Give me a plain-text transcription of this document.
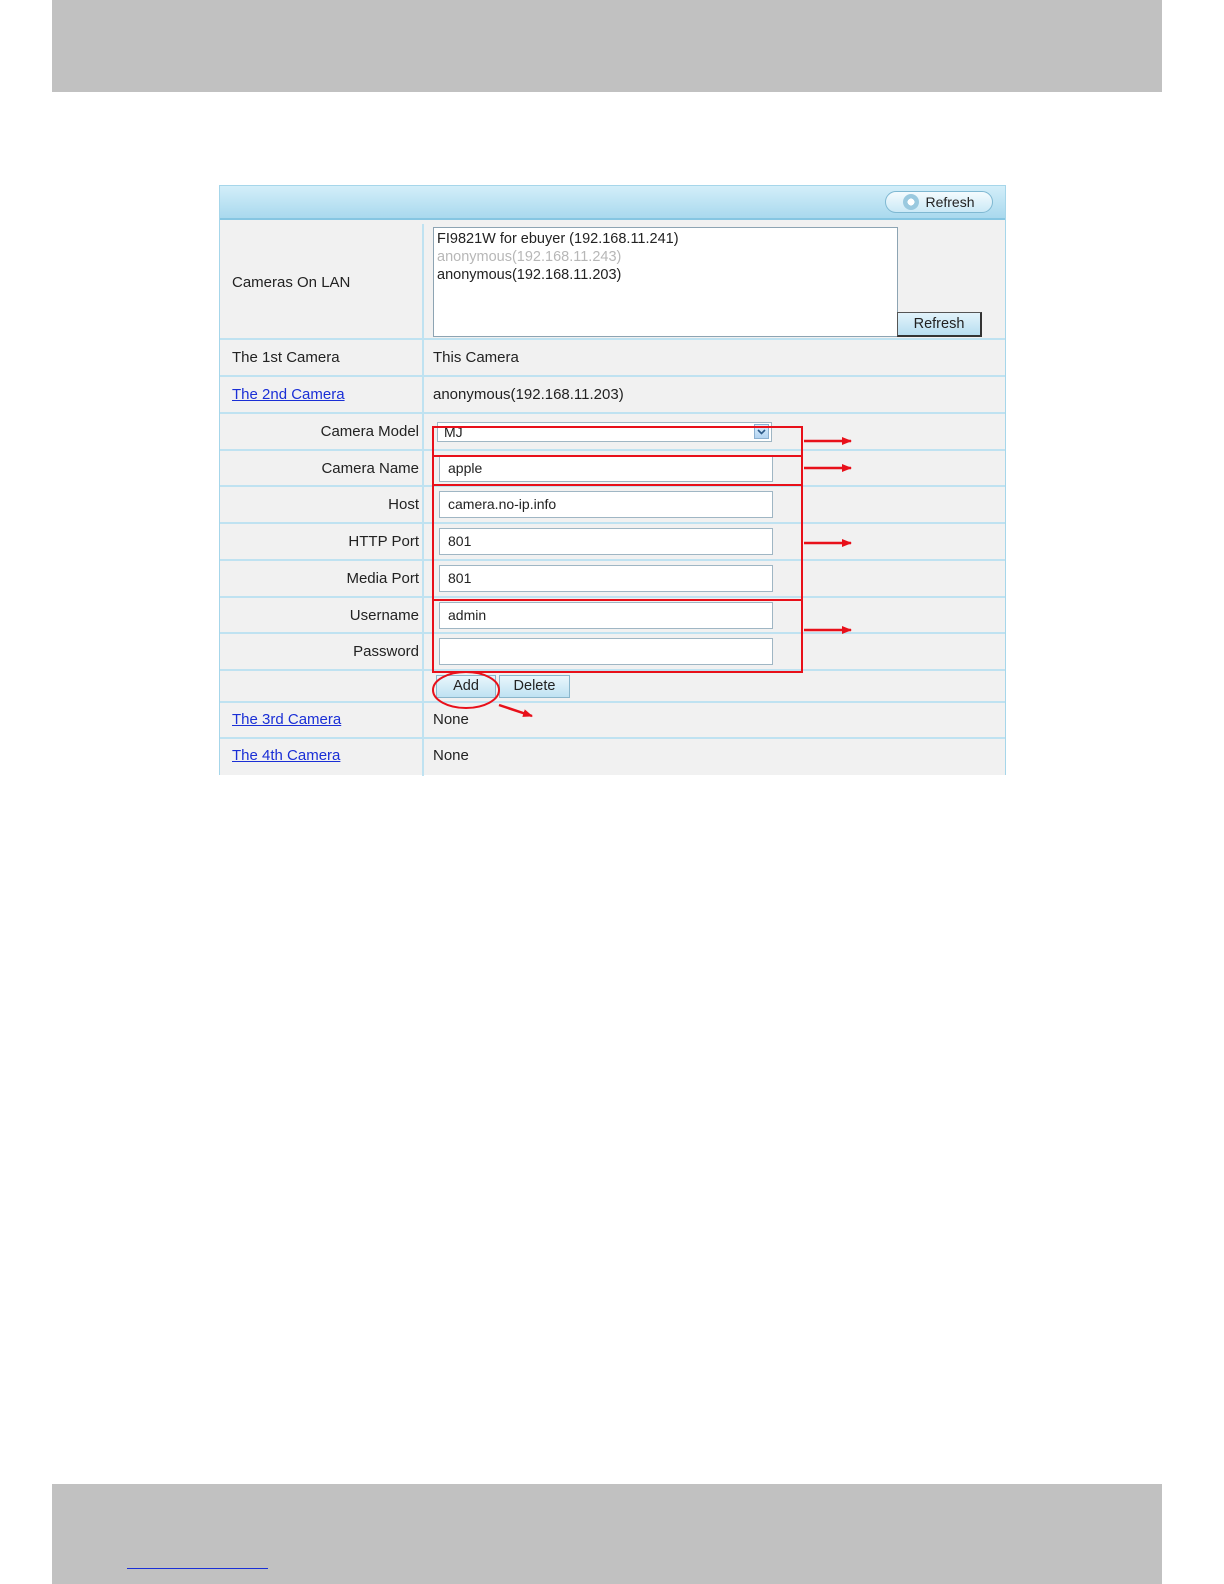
Refresh
Cameras On LAN
FI9821W for ebuyer (192.168.11.241)
anonymous(192.168.11.243)
anonymous(192.168.11.203)
Refresh
The 1st Camera	This Camera
The 2nd Camera	anonymous(192.168.11.203)
Camera Model	MJ
Camera Name	apple
Host	camera.no-ip.info
HTTP Port	801
Media Port	801
Username	admin
Password
Add	Delete
The 3rd Camera	None
The 4th Camera	None
